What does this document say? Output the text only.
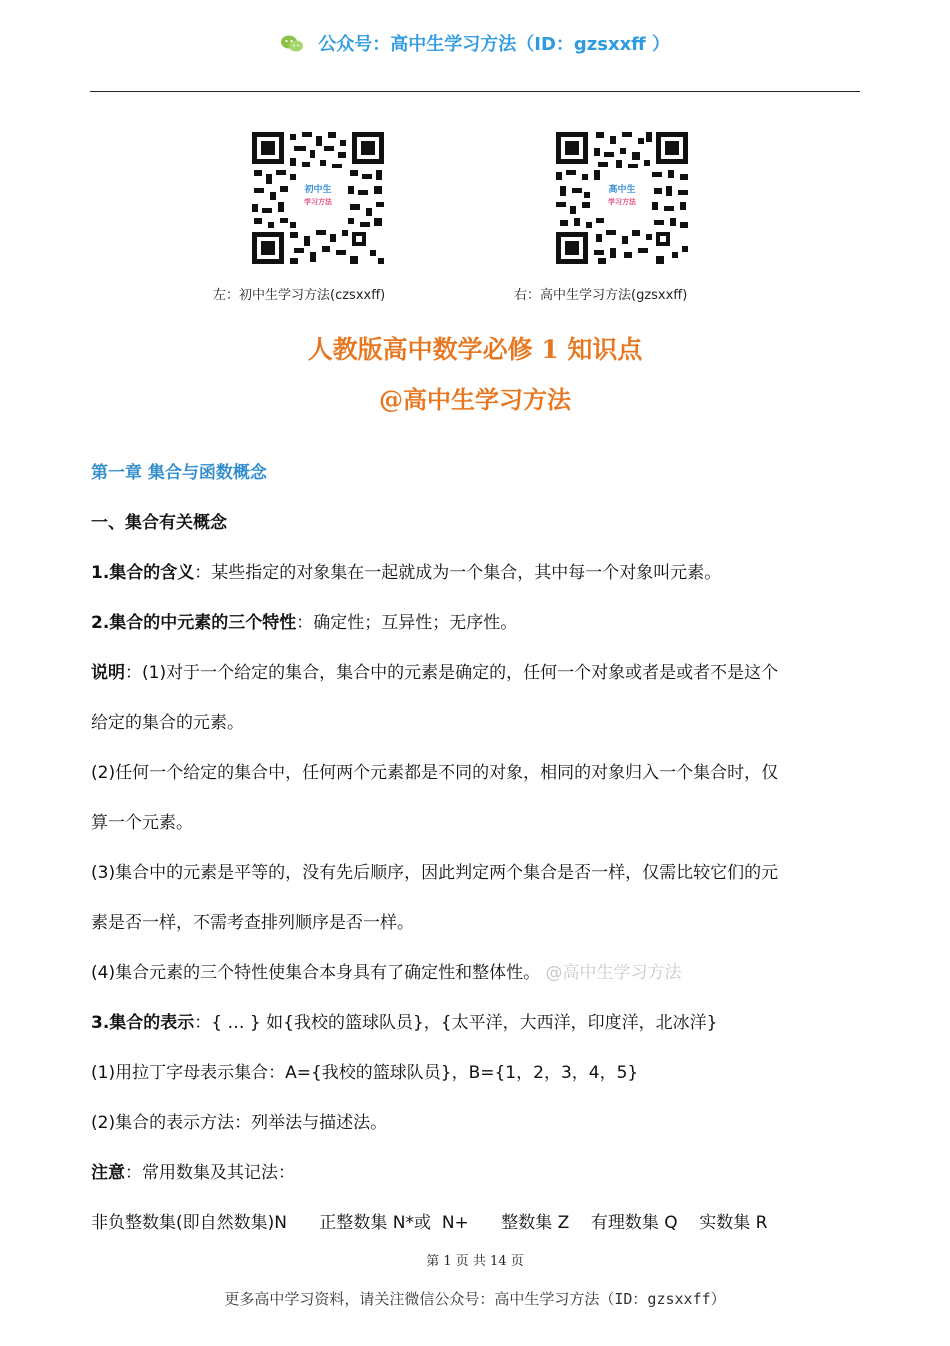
公众号：高中生学习方法（ID：gzsxxff ）
初中生
学习方法
高中生
学习方法
左：初中生学习方法(czsxxff)	右：高中生学习方法(gzsxxff)
人教版高中数学必修 1 知识点
@高中生学习方法
第一章 集合与函数概念
一、集合有关概念
1.集合的含义：某些指定的对象集在一起就成为一个集合，其中每一个对象叫元素。
2.集合的中元素的三个特性：确定性；互异性；无序性。
说明：(1)对于一个给定的集合，集合中的元素是确定的，任何一个对象或者是或者不是这个
给定的集合的元素。
(2)任何一个给定的集合中，任何两个元素都是不同的对象，相同的对象归入一个集合时，仅
算一个元素。
(3)集合中的元素是平等的，没有先后顺序，因此判定两个集合是否一样，仅需比较它们的元
素是否一样，不需考查排列顺序是否一样。
(4)集合元素的三个特性使集合本身具有了确定性和整体性。 @高中生学习方法
3.集合的表示：{ … } 如{我校的篮球队员}，{太平洋，大西洋，印度洋，北冰洋}
(1)用拉丁字母表示集合：A={我校的篮球队员}，B={1，2，3，4，5}
(2)集合的表示方法：列举法与描述法。
注意：常用数集及其记法：
非负整数集(即自然数集)N      正整数集 N*或  N+      整数集 Z    有理数集 Q    实数集 R
第 1 页 共 14 页
更多高中学习资料，请关注微信公众号：高中生学习方法（ID：gzsxxff）
